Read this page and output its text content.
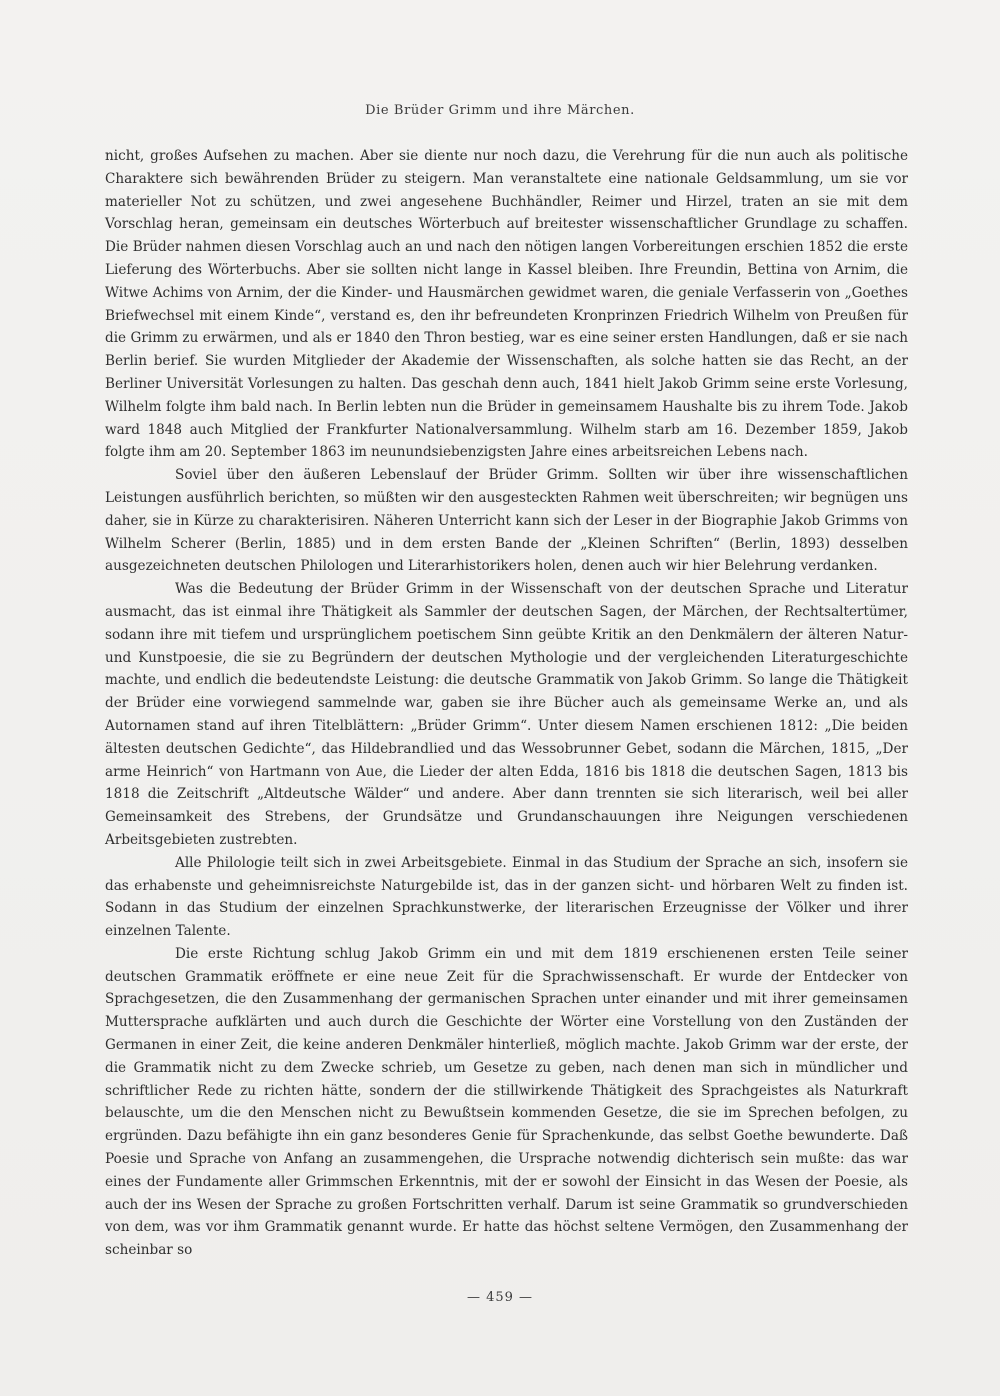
Die Brüder Grimm und ihre Märchen.

nicht, großes Aufsehen zu machen. Aber sie diente nur noch dazu, die Verehrung für die nun auch als politische Charaktere sich bewährenden Brüder zu steigern. Man veranstaltete eine nationale Geldsammlung, um sie vor materieller Not zu schützen, und zwei angesehene Buchhändler, Reimer und Hirzel, traten an sie mit dem Vorschlag heran, gemeinsam ein deutsches Wörterbuch auf breitester wissenschaftlicher Grundlage zu schaffen. Die Brüder nahmen diesen Vorschlag auch an und nach den nötigen langen Vorbereitungen erschien 1852 die erste Lieferung des Wörterbuchs. Aber sie sollten nicht lange in Kassel bleiben. Ihre Freundin, Bettina von Arnim, die Witwe Achims von Arnim, der die Kinder- und Hausmärchen gewidmet waren, die geniale Verfasserin von „Goethes Briefwechsel mit einem Kinde“, verstand es, den ihr befreundeten Kronprinzen Friedrich Wilhelm von Preußen für die Grimm zu erwärmen, und als er 1840 den Thron bestieg, war es eine seiner ersten Handlungen, daß er sie nach Berlin berief. Sie wurden Mitglieder der Akademie der Wissenschaften, als solche hatten sie das Recht, an der Berliner Universität Vorlesungen zu halten. Das geschah denn auch, 1841 hielt Jakob Grimm seine erste Vorlesung, Wilhelm folgte ihm bald nach. In Berlin lebten nun die Brüder in gemeinsamem Haushalte bis zu ihrem Tode. Jakob ward 1848 auch Mitglied der Frankfurter Nationalversammlung. Wilhelm starb am 16. Dezember 1859, Jakob folgte ihm am 20. September 1863 im neunundsiebenzigsten Jahre eines arbeitsreichen Lebens nach.

Soviel über den äußeren Lebenslauf der Brüder Grimm. Sollten wir über ihre wissenschaftlichen Leistungen ausführlich berichten, so müßten wir den ausgesteckten Rahmen weit überschreiten; wir begnügen uns daher, sie in Kürze zu charakterisiren. Näheren Unterricht kann sich der Leser in der Biographie Jakob Grimms von Wilhelm Scherer (Berlin, 1885) und in dem ersten Bande der „Kleinen Schriften“ (Berlin, 1893) desselben ausgezeichneten deutschen Philologen und Literarhistorikers holen, denen auch wir hier Belehrung verdanken.

Was die Bedeutung der Brüder Grimm in der Wissenschaft von der deutschen Sprache und Literatur ausmacht, das ist einmal ihre Thätigkeit als Sammler der deutschen Sagen, der Märchen, der Rechtsaltertümer, sodann ihre mit tiefem und ursprünglichem poetischem Sinn geübte Kritik an den Denkmälern der älteren Natur- und Kunstpoesie, die sie zu Begründern der deutschen Mythologie und der vergleichenden Literaturgeschichte machte, und endlich die bedeutendste Leistung: die deutsche Grammatik von Jakob Grimm. So lange die Thätigkeit der Brüder eine vorwiegend sammelnde war, gaben sie ihre Bücher auch als gemeinsame Werke an, und als Autornamen stand auf ihren Titelblättern: „Brüder Grimm“. Unter diesem Namen erschienen 1812: „Die beiden ältesten deutschen Gedichte“, das Hildebrandlied und das Wessobrunner Gebet, sodann die Märchen, 1815, „Der arme Heinrich“ von Hartmann von Aue, die Lieder der alten Edda, 1816 bis 1818 die deutschen Sagen, 1813 bis 1818 die Zeitschrift „Altdeutsche Wälder“ und andere. Aber dann trennten sie sich literarisch, weil bei aller Gemeinsamkeit des Strebens, der Grundsätze und Grundanschauungen ihre Neigungen verschiedenen Arbeitsgebieten zustrebten.

Alle Philologie teilt sich in zwei Arbeitsgebiete. Einmal in das Studium der Sprache an sich, insofern sie das erhabenste und geheimnisreichste Naturgebilde ist, das in der ganzen sicht- und hörbaren Welt zu finden ist. Sodann in das Studium der einzelnen Sprachkunstwerke, der literarischen Erzeugnisse der Völker und ihrer einzelnen Talente.

Die erste Richtung schlug Jakob Grimm ein und mit dem 1819 erschienenen ersten Teile seiner deutschen Grammatik eröffnete er eine neue Zeit für die Sprachwissenschaft. Er wurde der Entdecker von Sprachgesetzen, die den Zusammenhang der germanischen Sprachen unter einander und mit ihrer gemeinsamen Muttersprache aufklärten und auch durch die Geschichte der Wörter eine Vorstellung von den Zuständen der Germanen in einer Zeit, die keine anderen Denkmäler hinterließ, möglich machte. Jakob Grimm war der erste, der die Grammatik nicht zu dem Zwecke schrieb, um Gesetze zu geben, nach denen man sich in mündlicher und schriftlicher Rede zu richten hätte, sondern der die stillwirkende Thätigkeit des Sprachgeistes als Naturkraft belauschte, um die den Menschen nicht zu Bewußtsein kommenden Gesetze, die sie im Sprechen befolgen, zu ergründen. Dazu befähigte ihn ein ganz besonderes Genie für Sprachenkunde, das selbst Goethe bewunderte. Daß Poesie und Sprache von Anfang an zusammengehen, die Ursprache notwendig dichterisch sein mußte: das war eines der Fundamente aller Grimmschen Erkenntnis, mit der er sowohl der Einsicht in das Wesen der Poesie, als auch der ins Wesen der Sprache zu großen Fortschritten verhalf. Darum ist seine Grammatik so grundverschieden von dem, was vor ihm Grammatik genannt wurde. Er hatte das höchst seltene Vermögen, den Zusammenhang der scheinbar so

— 459 —
